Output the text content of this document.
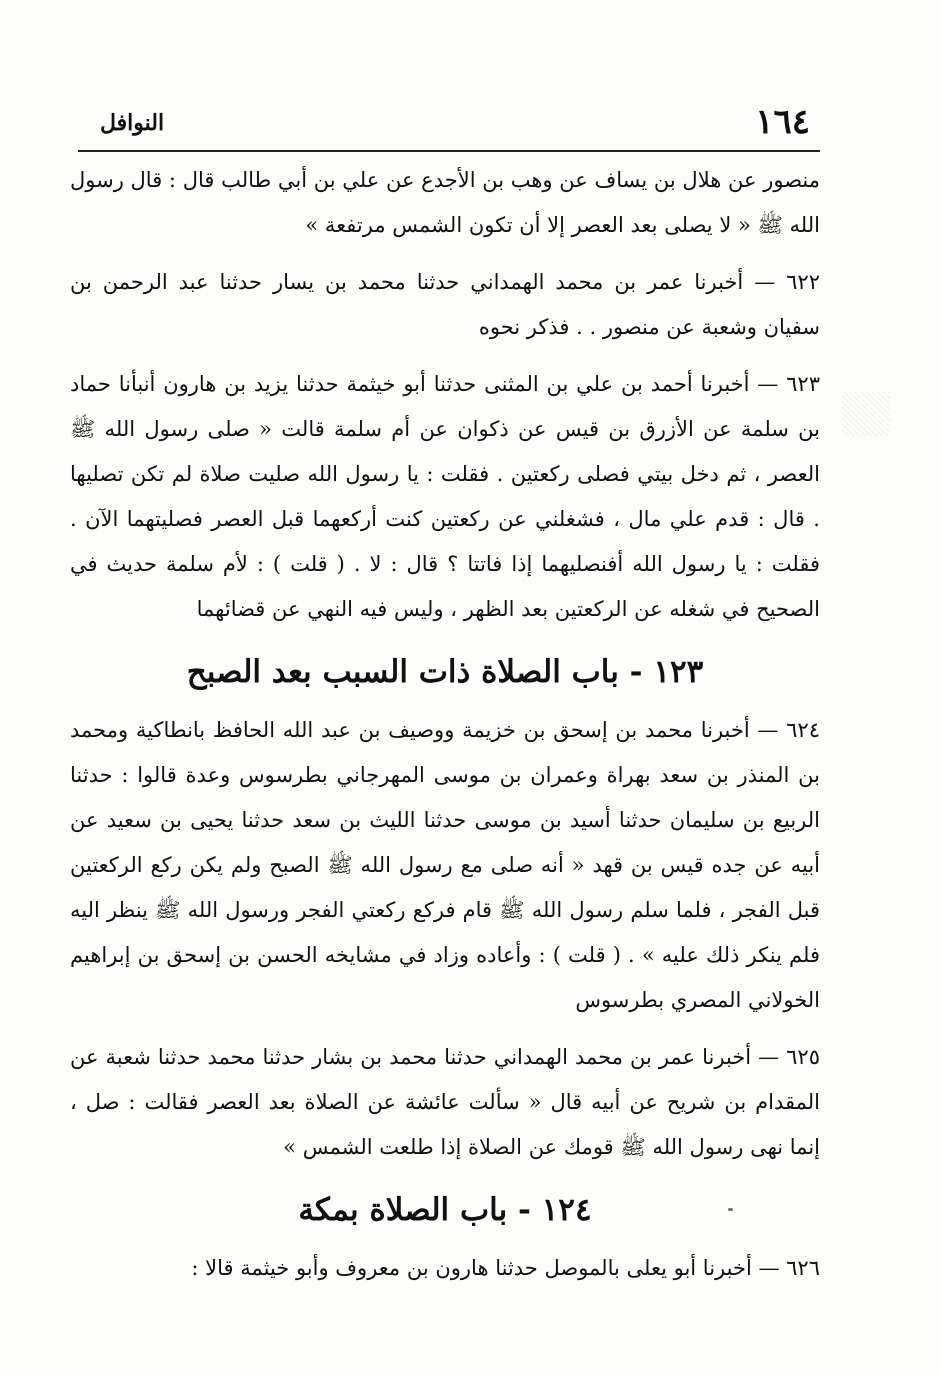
١٦٤
النوافل

منصور عن هلال بن يساف عن وهب بن الأجدع عن علي بن أبي طالب قال : قال رسول الله ﷺ « لا يصلى بعد العصر إلا أن تكون الشمس مرتفعة »

٦٢٢ — أخبرنا عمر بن محمد الهمداني حدثنا محمد بن يسار حدثنا عبد الرحمن بن سفيان وشعبة عن منصور . . فذكر نحوه

٦٢٣ — أخبرنا أحمد بن علي بن المثنى حدثنا أبو خيثمة حدثنا يزيد بن هارون أنبأنا حماد بن سلمة عن الأزرق بن قيس عن ذكوان عن أم سلمة قالت « صلى رسول الله ﷺ العصر ، ثم دخل بيتي فصلى ركعتين . فقلت : يا رسول الله صليت صلاة لم تكن تصليها . قال : قدم علي مال ، فشغلني عن ركعتين كنت أركعهما قبل العصر فصليتهما الآن . فقلت : يا رسول الله أفنصليهما إذا فاتتا ؟ قال : لا . ( قلت ) : لأم سلمة حديث في الصحيح في شغله عن الركعتين بعد الظهر ، وليس فيه النهي عن قضائهما

١٢٣ - باب الصلاة ذات السبب بعد الصبح

٦٢٤ — أخبرنا محمد بن إسحق بن خزيمة ووصيف بن عبد الله الحافظ بانطاكية ومحمد بن المنذر بن سعد بهراة وعمران بن موسى المهرجاني بطرسوس وعدة قالوا : حدثنا الربيع بن سليمان حدثنا أسيد بن موسى حدثنا الليث بن سعد حدثنا يحيى بن سعيد عن أبيه عن جده قيس بن قهد « أنه صلى مع رسول الله ﷺ الصبح ولم يكن ركع الركعتين قبل الفجر ، فلما سلم رسول الله ﷺ قام فركع ركعتي الفجر ورسول الله ﷺ ينظر اليه فلم ينكر ذلك عليه » . ( قلت ) : وأعاده وزاد في مشايخه الحسن بن إسحق بن إبراهيم الخولاني المصري بطرسوس

٦٢٥ — أخبرنا عمر بن محمد الهمداني حدثنا محمد بن بشار حدثنا محمد حدثنا شعبة عن المقدام بن شريح عن أبيه قال « سألت عائشة عن الصلاة بعد العصر فقالت : صل ، إنما نهى رسول الله ﷺ قومك عن الصلاة إذا طلعت الشمس »

١٢٤ - باب الصلاة بمكة

٦٢٦ — أخبرنا أبو يعلى بالموصل حدثنا هارون بن معروف وأبو خيثمة قالا :
